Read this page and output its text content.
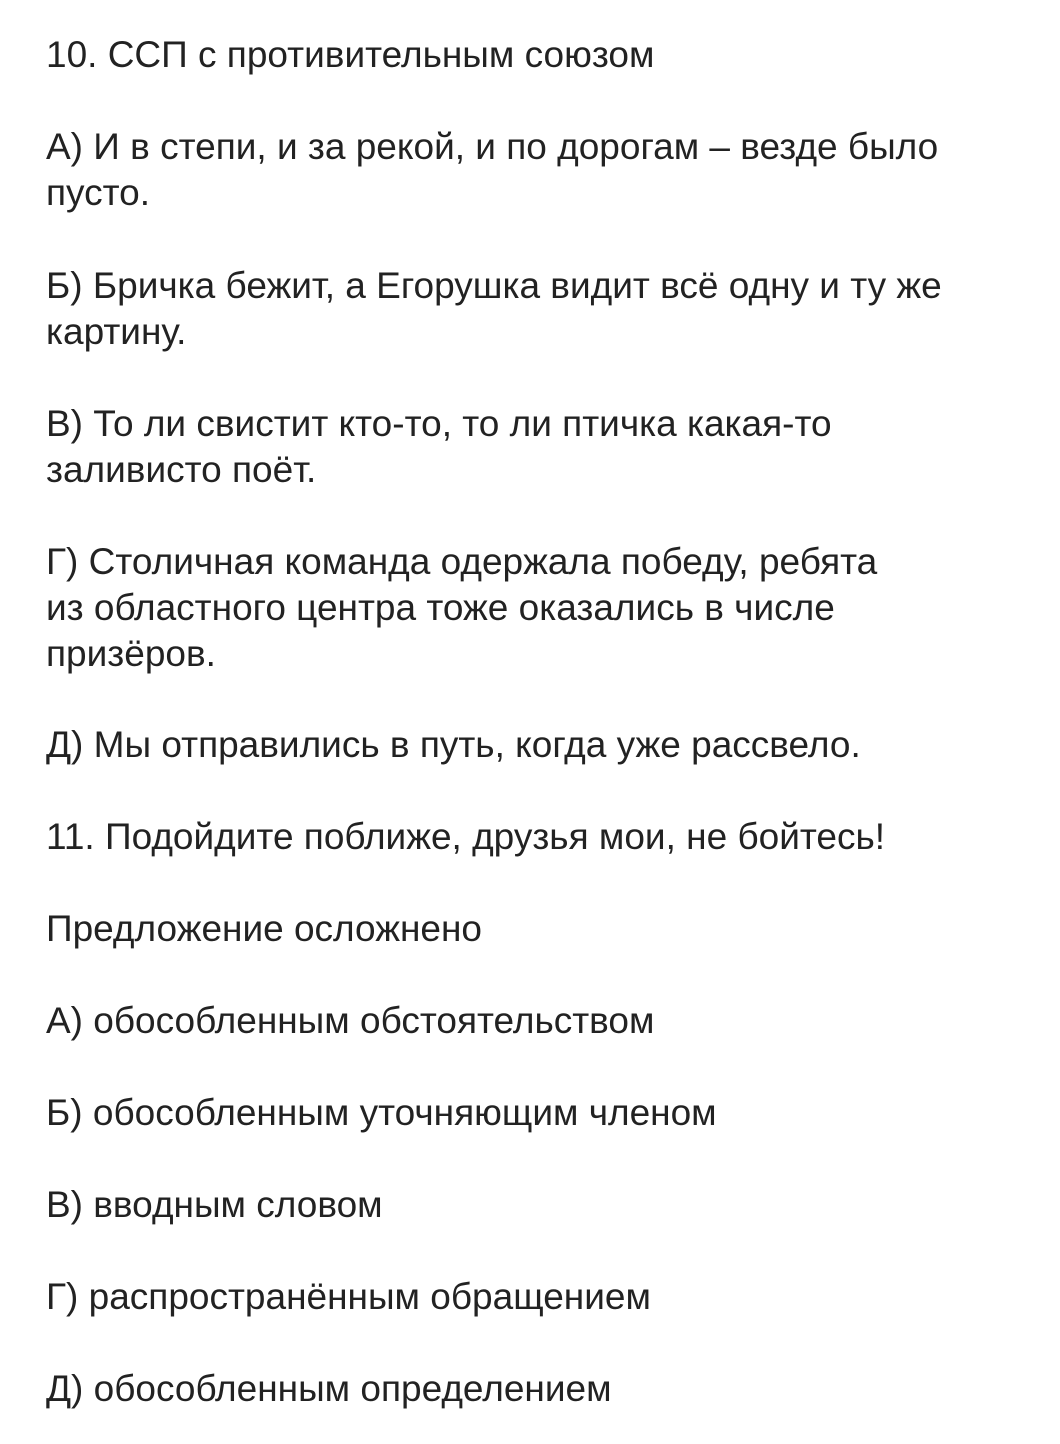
10. ССП с противительным союзом
А) И в степи, и за рекой, и по дорогам – везде было
пусто.
Б) Бричка бежит, а Егорушка видит всё одну и ту же
картину.
В) То ли свистит кто-то, то ли птичка какая-то
заливисто поёт.
Г) Столичная команда одержала победу, ребята
из областного центра тоже оказались в числе
призёров.
Д) Мы отправились в путь, когда уже рассвело.
11. Подойдите поближе, друзья мои, не бойтесь!
Предложение осложнено
А) обособленным обстоятельством
Б) обособленным уточняющим членом
В) вводным словом
Г) распространённым обращением
Д) обособленным определением
